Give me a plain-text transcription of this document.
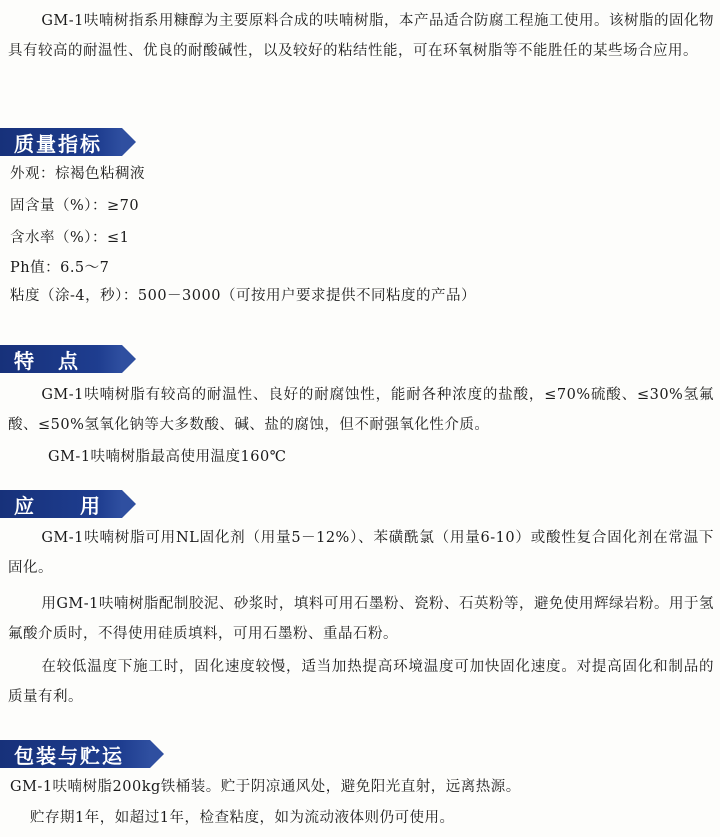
GM-1呋喃树指系用糠醇为主要原料合成的呋喃树脂，本产品适合防腐工程施工使用。该树脂的固化物具有较高的耐温性、优良的耐酸碱性，以及较好的粘结性能，可在环氧树脂等不能胜任的某些场合应用。

质量指标

外观：棕褐色粘稠液

固含量（%）：≥70

含水率（%）：≤1

Ph值：6.5～7

粘度（涂-4，秒）：500－3000（可按用户要求提供不同粘度的产品）

特　点

GM-1呋喃树脂有较高的耐温性、良好的耐腐蚀性，能耐各种浓度的盐酸，≤70%硫酸、≤30%氢氟酸、≤50%氢氧化钠等大多数酸、碱、盐的腐蚀，但不耐强氧化性介质。

GM-1呋喃树脂最高使用温度160℃

应　　用

GM-1呋喃树脂可用NL固化剂（用量5－12%）、苯磺酰氯（用量6-10）或酸性复合固化剂在常温下固化。

用GM-1呋喃树脂配制胶泥、砂浆时，填料可用石墨粉、瓷粉、石英粉等，避免使用辉绿岩粉。用于氢氟酸介质时，不得使用硅质填料，可用石墨粉、重晶石粉。

在较低温度下施工时，固化速度较慢，适当加热提高环境温度可加快固化速度。对提高固化和制品的质量有利。

包装与贮运

GM-1呋喃树脂200kg铁桶装。贮于阴凉通风处，避免阳光直射，远离热源。

贮存期1年，如超过1年，检查粘度，如为流动液体则仍可使用。
